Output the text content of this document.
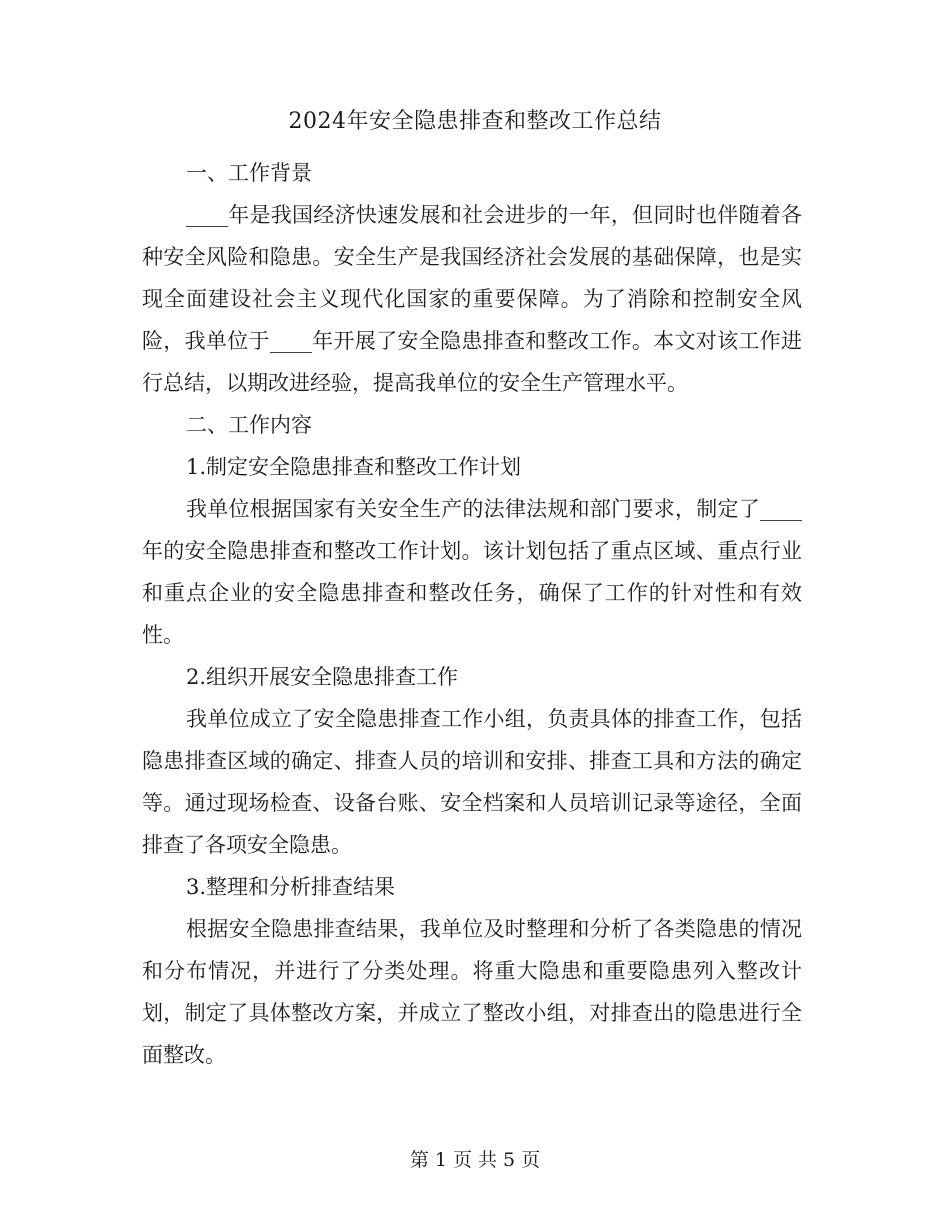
2024年安全隐患排查和整改工作总结

一、工作背景

____年是我国经济快速发展和社会进步的一年，但同时也伴随着各种安全风险和隐患。安全生产是我国经济社会发展的基础保障，也是实现全面建设社会主义现代化国家的重要保障。为了消除和控制安全风险，我单位于____年开展了安全隐患排查和整改工作。本文对该工作进行总结，以期改进经验，提高我单位的安全生产管理水平。

二、工作内容

1.制定安全隐患排查和整改工作计划

我单位根据国家有关安全生产的法律法规和部门要求，制定了____年的安全隐患排查和整改工作计划。该计划包括了重点区域、重点行业和重点企业的安全隐患排查和整改任务，确保了工作的针对性和有效性。

2.组织开展安全隐患排查工作

我单位成立了安全隐患排查工作小组，负责具体的排查工作，包括隐患排查区域的确定、排查人员的培训和安排、排查工具和方法的确定等。通过现场检查、设备台账、安全档案和人员培训记录等途径，全面排查了各项安全隐患。

3.整理和分析排查结果

根据安全隐患排查结果，我单位及时整理和分析了各类隐患的情况和分布情况，并进行了分类处理。将重大隐患和重要隐患列入整改计划，制定了具体整改方案，并成立了整改小组，对排查出的隐患进行全面整改。

第 1 页 共 5 页
